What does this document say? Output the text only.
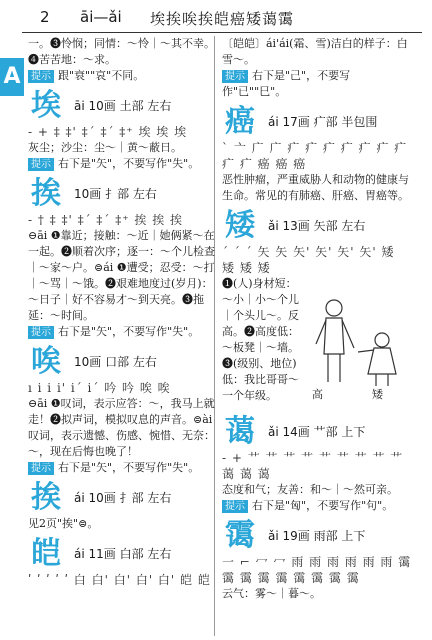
2 āi—ǎi 埃挨唉挨皑癌矮蔼霭
A

一。❸怜悯；同情：～怜｜～其不幸。❹苦苦地：～求。

提示 跟"衰""哀"不同。

埃 āi 10画 土部 左右

- + ‡ ‡' ‡ˊ ‡ˊ ‡⁺ 埃 埃 埃

灰尘；沙尘：尘～｜黄～蔽日。

提示 右下是"矢"，不要写作"失"。

挨 10画 扌部 左右

- † ‡ ‡' ‡ˊ ‡ˊ ‡⁺ 挨 挨 挨

⊖āi ❶靠近；接触：～近｜她俩紧～在一起。❷顺着次序；逐一：～个儿检查｜～家～户。⊜ái ❶遭受；忍受：～打｜～骂｜～饿。❷艰难地度过(岁月)：～日子｜好不容易才～到天亮。❸拖延：～时间。

提示 右下是"矢"，不要写作"失"。

唉 10画 口部 左右

ı ⅰ ⅰ ⅰ' ⅰˊ ⅰˊ 吟 吟 唉 唉

⊖āi ❶叹词，表示应答：～，我马上就走！❷拟声词，模拟叹息的声音。⊜ài 叹词，表示遗憾、伤感、惋惜、无奈：～，现在后悔也晚了！

提示 右下是"矢"，不要写作"失"。

挨 ái 10画 扌部 左右

见2页"挨"⊜。

皑 ái 11画 白部 左右

ʹ ʹ ʹ ʹ ʹ 白 白' 白' 白' 白' 皑 皑

〔皑皑〕ái'ái(霜、雪)洁白的样子：白雪～。

提示 右下是"己"，不要写作"已""巳"。

癌 ái 17画 疒部 半包围

` 亠 广 广 疒 疒 疒 疒 疒 疒 疒 疒 疒 癌 癌 癌

恶性肿瘤，严重威胁人和动物的健康与生命。常见的有肺癌、肝癌、胃癌等。

矮 ǎi 13画 矢部 左右

ˊ ˊ ˊ 矢 矢 矢' 矢' 矢' 矢' 矮 矮 矮 矮

❶(人)身材短：～小｜小～个儿｜个头儿～。反 高。❷高度低：～板凳｜～墙。❸(级别、地位)低：我比哥哥～一个年级。

蔼 ǎi 14画 艹部 上下

- + 艹 艹 艹 艹 艹 艹 艹 艹 艹 蔼 蔼 蔼

态度和气；友善：和～｜～然可亲。

提示 右下是"匈"，不要写作"句"。

霭 ǎi 19画 雨部 上下

一 ⌐ 冖 冖 雨 雨 雨 雨 雨 雨 霭 霭 霭 霭 霭 霭 霭 霭 霭

云气：雾～｜暮～。

高	矮
